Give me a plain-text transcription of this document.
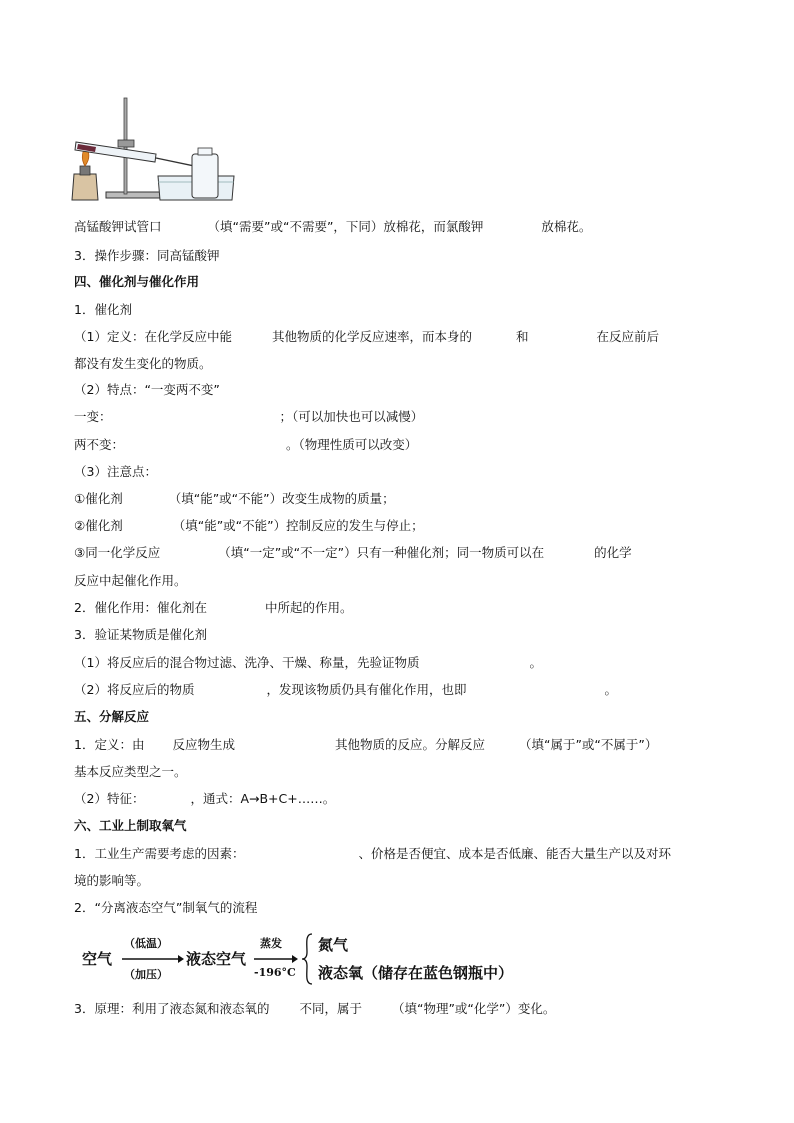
高锰酸钾试管口	（填“需要”或“不需要”，下同）放棉花，而氯酸钾	放棉花。
3．操作步骤：同高锰酸钾
四、催化剂与催化作用
1．催化剂
（1）定义：在化学反应中能	其他物质的化学反应速率，而本身的	和	在反应前后
都没有发生变化的物质。
（2）特点：“一变两不变”
一变：	；（可以加快也可以减慢）
两不变：	。（物理性质可以改变）
（3）注意点：
①催化剂	（填“能”或“不能”）改变生成物的质量；
②催化剂	（填“能”或“不能”）控制反应的发生与停止；
③同一化学反应	（填“一定”或“不一定”）只有一种催化剂；同一物质可以在	的化学
反应中起催化作用。
2．催化作用：催化剂在	中所起的作用。
3．验证某物质是催化剂
（1）将反应后的混合物过滤、洗净、干燥、称量，先验证物质	。
（2）将反应后的物质	，发现该物质仍具有催化作用，也即	。
五、分解反应
1．定义：由 反应物生成	其他物质的反应。分解反应	（填“属于”或“不属于”）
基本反应类型之一。
（2）特征：	，通式：A→B+C+……。
六、工业上制取氧气
1．工业生产需要考虑的因素：	、价格是否便宜、成本是否低廉、能否大量生产以及对环
境的影响等。
2．“分离液态空气”制氧气的流程
空气
（低温）
（加压）
液态空气
蒸发
-196°C
氮气
液态氧（储存在蓝色钢瓶中）
3．原理：利用了液态氮和液态氧的 不同，属于 （填“物理”或“化学”）变化。
